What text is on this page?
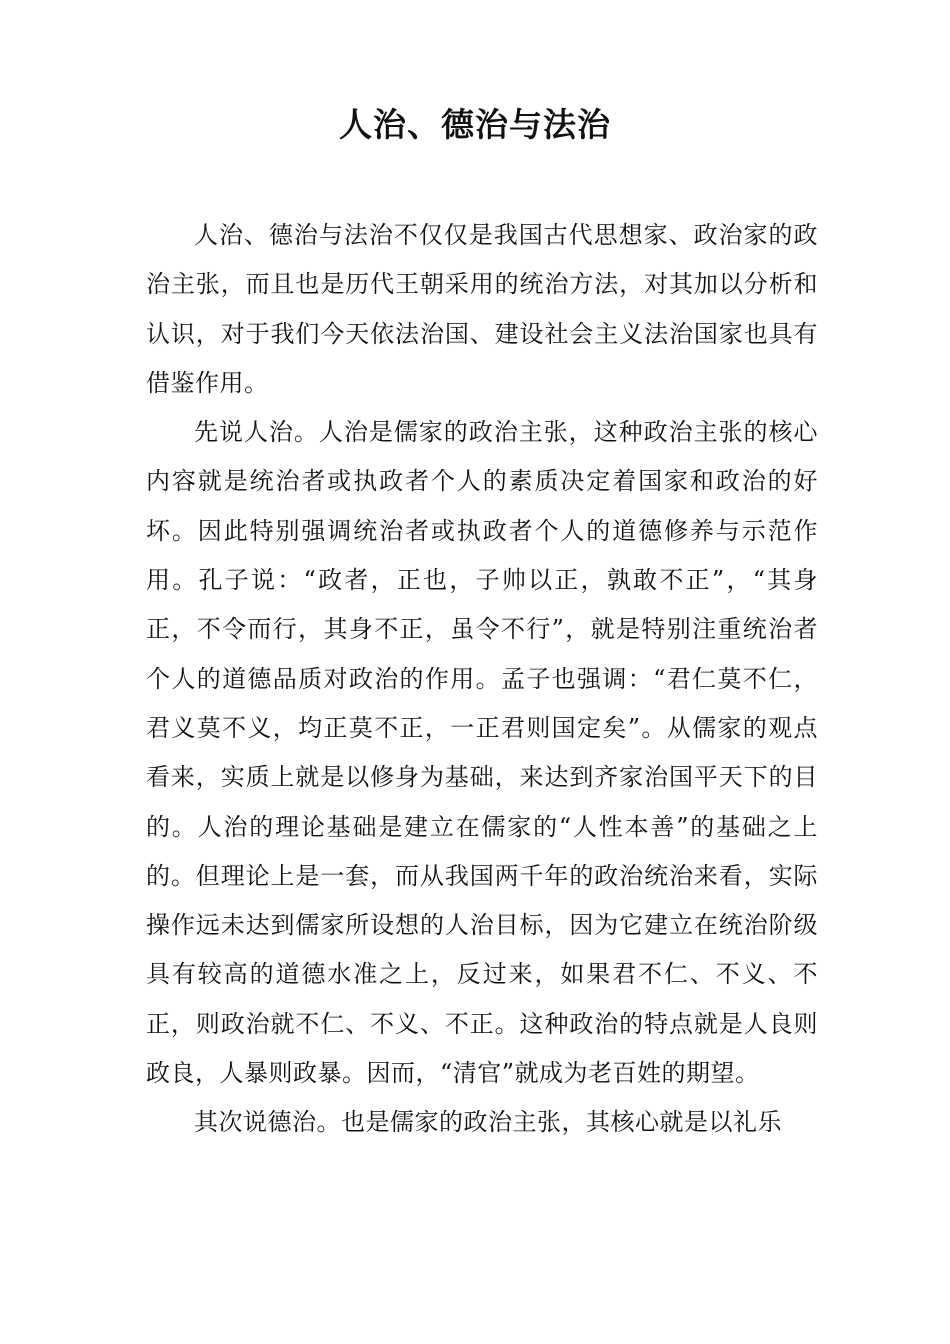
人治、德治与法治

人治、德治与法治不仅仅是我国古代思想家、政治家的政治主张，而且也是历代王朝采用的统治方法，对其加以分析和认识，对于我们今天依法治国、建设社会主义法治国家也具有借鉴作用。

先说人治。人治是儒家的政治主张，这种政治主张的核心内容就是统治者或执政者个人的素质决定着国家和政治的好坏。因此特别强调统治者或执政者个人的道德修养与示范作用。孔子说：“政者，正也，子帅以正，孰敢不正”，“其身正，不令而行，其身不正，虽令不行”，就是特别注重统治者个人的道德品质对政治的作用。孟子也强调：“君仁莫不仁，君义莫不义，均正莫不正，一正君则国定矣”。从儒家的观点看来，实质上就是以修身为基础，来达到齐家治国平天下的目的。人治的理论基础是建立在儒家的“人性本善”的基础之上的。但理论上是一套，而从我国两千年的政治统治来看，实际操作远未达到儒家所设想的人治目标，因为它建立在统治阶级具有较高的道德水准之上，反过来，如果君不仁、不义、不正，则政治就不仁、不义、不正。这种政治的特点就是人良则政良，人暴则政暴。因而，“清官”就成为老百姓的期望。

其次说德治。也是儒家的政治主张，其核心就是以礼乐
